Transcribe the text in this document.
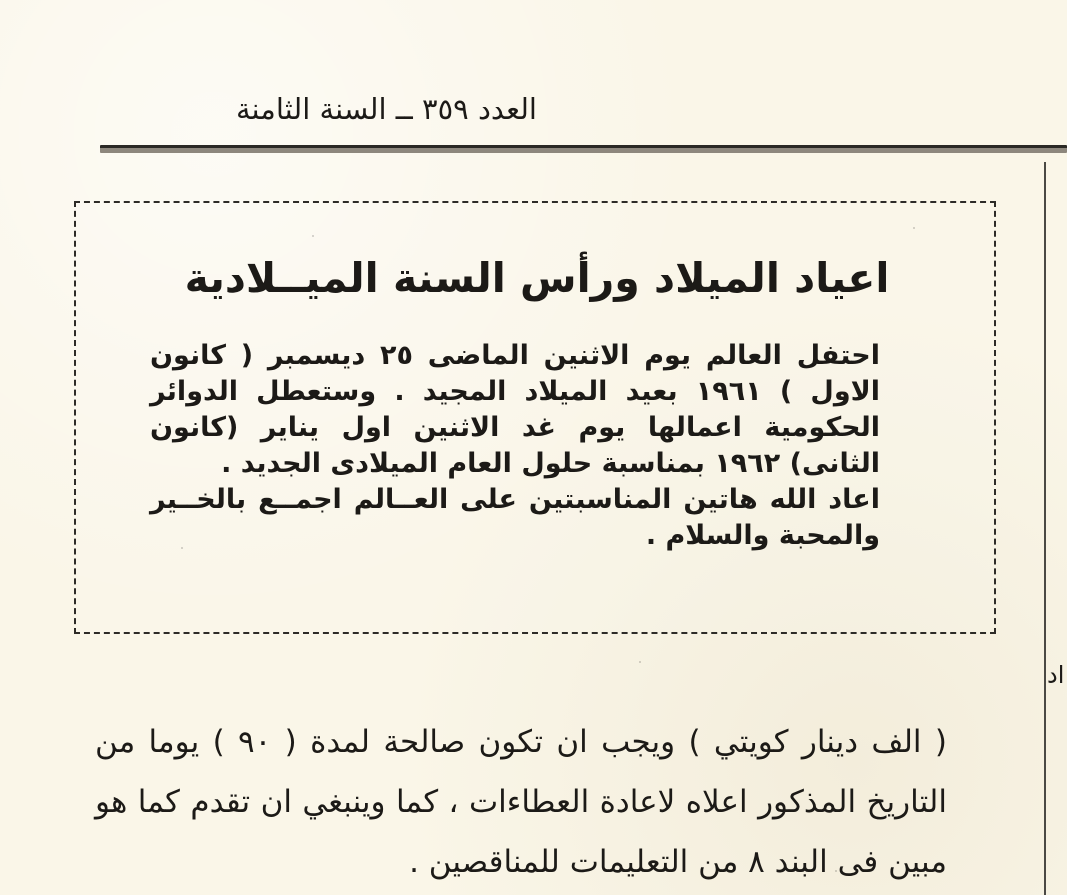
العدد ٣٥٩ ــ السنة الثامنة
اد
اعياد الميلاد ورأس السنة الميــلادية

احتفل العالم يوم الاثنين الماضى ٢٥ ديسمبر ( كانون الاول ) ١٩٦١ بعيد الميلاد المجيد . وستعطل الدوائر الحكومية اعمالها يوم غد الاثنين اول يناير (كانون الثانى) ١٩٦٢ بمناسبة حلول العام الميلادى الجديد .

اعاد الله هاتين المناسبتين على العــالم اجمــع بالخــير والمحبة والسلام .

( الف دينار كويتي ) ويجب ان تكون صالحة لمدة ( ٩٠ ) يوما من التاريخ المذكور اعلاه لاعادة العطاءات ، كما وينبغي ان تقدم كما هو مبين فى البند ٨ من التعليمات للمناقصين .
